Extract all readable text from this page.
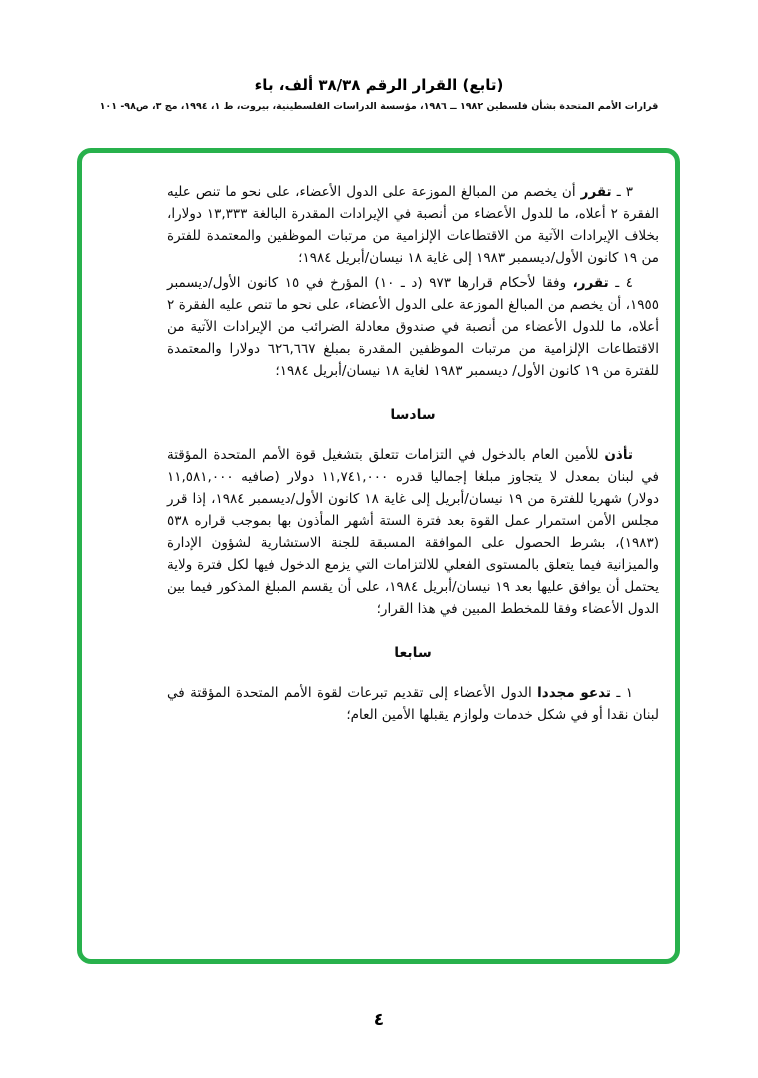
(تابع) القرار الرقم ٣٨/٣٨ ألف، باء
قرارات الأمم المتحدة بشأن فلسطين ١٩٨٢ ــ ١٩٨٦، مؤسسة الدراسات الفلسطينية، بيروت، ط ١، ١٩٩٤، مج ٣، ص٩٨- ١٠١

٣ ـ تقرر أن يخصم من المبالغ الموزعة على الدول الأعضاء، على نحو ما تنص عليه الفقرة ٢ أعلاه، ما للدول الأعضاء من أنصبة في الإيرادات المقدرة البالغة ١٣,٣٣٣ دولارا، بخلاف الإيرادات الآتية من الاقتطاعات الإلزامية من مرتبات الموظفين والمعتمدة للفترة من ١٩ كانون الأول/ديسمبر ١٩٨٣ إلى غاية ١٨ نيسان/أبريل ١٩٨٤؛

٤ ـ تقرر، وفقا لأحكام قرارها ٩٧٣ (د ـ ١٠) المؤرخ في ١٥ كانون الأول/ديسمبر ١٩٥٥، أن يخصم من المبالغ الموزعة على الدول الأعضاء، على نحو ما تنص عليه الفقرة ٢ أعلاه، ما للدول الأعضاء من أنصبة في صندوق معادلة الضرائب من الإيرادات الآتية من الاقتطاعات الإلزامية من مرتبات الموظفين المقدرة بمبلغ ٦٢٦,٦٦٧ دولارا والمعتمدة للفترة من ١٩ كانون الأول/ ديسمبر ١٩٨٣ لغاية ١٨ نيسان/أبريل ١٩٨٤؛

سادسا

تأذن للأمين العام بالدخول في التزامات تتعلق بتشغيل قوة الأمم المتحدة المؤقتة في لبنان بمعدل لا يتجاوز مبلغا إجماليا قدره ١١,٧٤١,٠٠٠ دولار (صافيه ١١,٥٨١,٠٠٠ دولار) شهريا للفترة من ١٩ نيسان/أبريل إلى غاية ١٨ كانون الأول/ديسمبر ١٩٨٤، إذا قرر مجلس الأمن استمرار عمل القوة بعد فترة الستة أشهر المأذون بها بموجب قراره ٥٣٨ (١٩٨٣)، بشرط الحصول على الموافقة المسبقة للجنة الاستشارية لشؤون الإدارة والميزانية فيما يتعلق بالمستوى الفعلي للالتزامات التي يزمع الدخول فيها لكل فترة ولاية يحتمل أن يوافق عليها بعد ١٩ نيسان/أبريل ١٩٨٤، على أن يقسم المبلغ المذكور فيما بين الدول الأعضاء وفقا للمخطط المبين في هذا القرار؛

سابعا

١ ـ تدعو مجددا الدول الأعضاء إلى تقديم تبرعات لقوة الأمم المتحدة المؤقتة في لبنان نقدا أو في شكل خدمات ولوازم يقبلها الأمين العام؛

٤
